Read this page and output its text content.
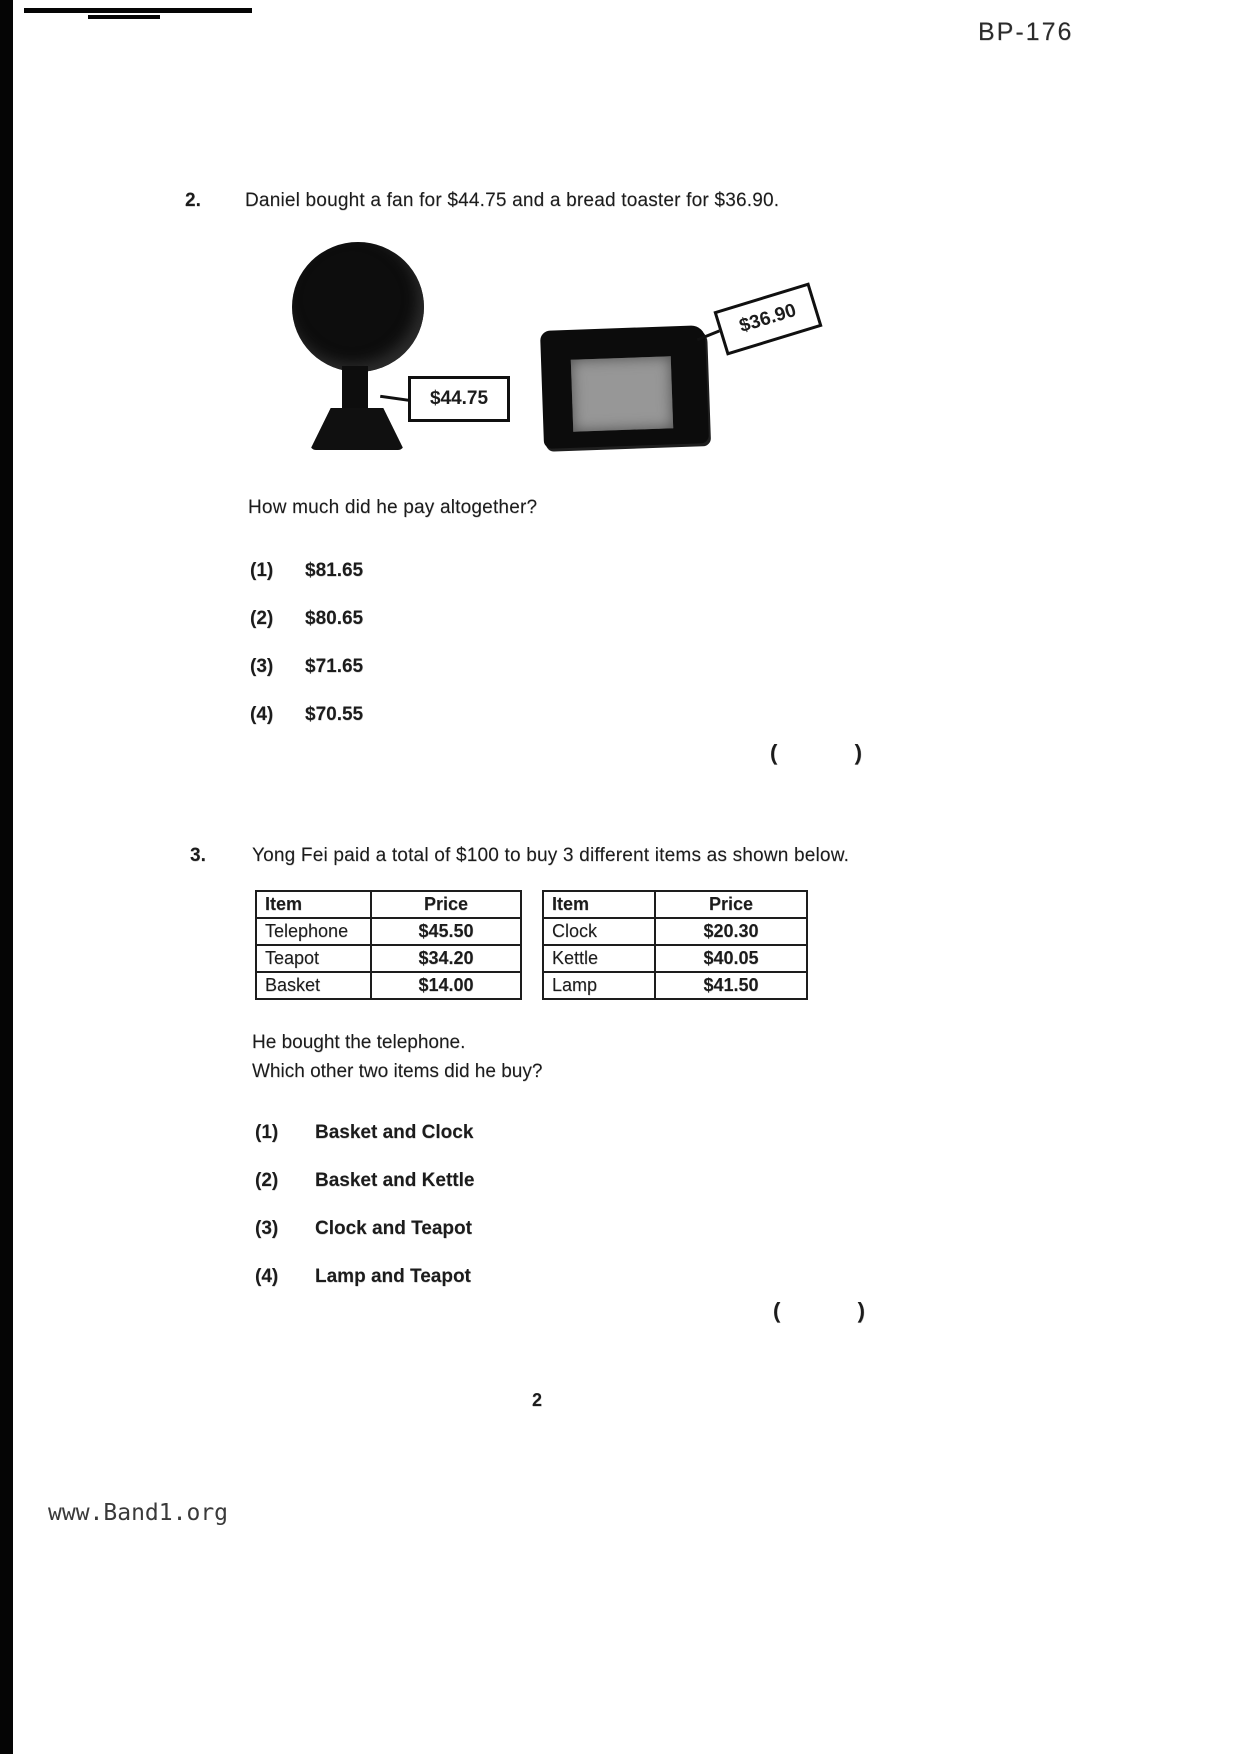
BP-176
2.	Daniel bought a fan for $44.75 and a bread toaster for $36.90.
$44.75
$36.90
How much did he pay altogether?
(1)	$81.65
(2)	$80.65
(3)	$71.65
(4)	$70.55
(	)
3.	Yong Fei paid a total of $100 to buy 3 different items as shown below.
Item	Price
Telephone	$45.50
Teapot	$34.20
Basket	$14.00
Item	Price
Clock	$20.30
Kettle	$40.05
Lamp	$41.50
He bought the telephone.
Which other two items did he buy?
(1)	Basket and Clock
(2)	Basket and Kettle
(3)	Clock and Teapot
(4)	Lamp and Teapot
(	)
2
www.Band1.org
